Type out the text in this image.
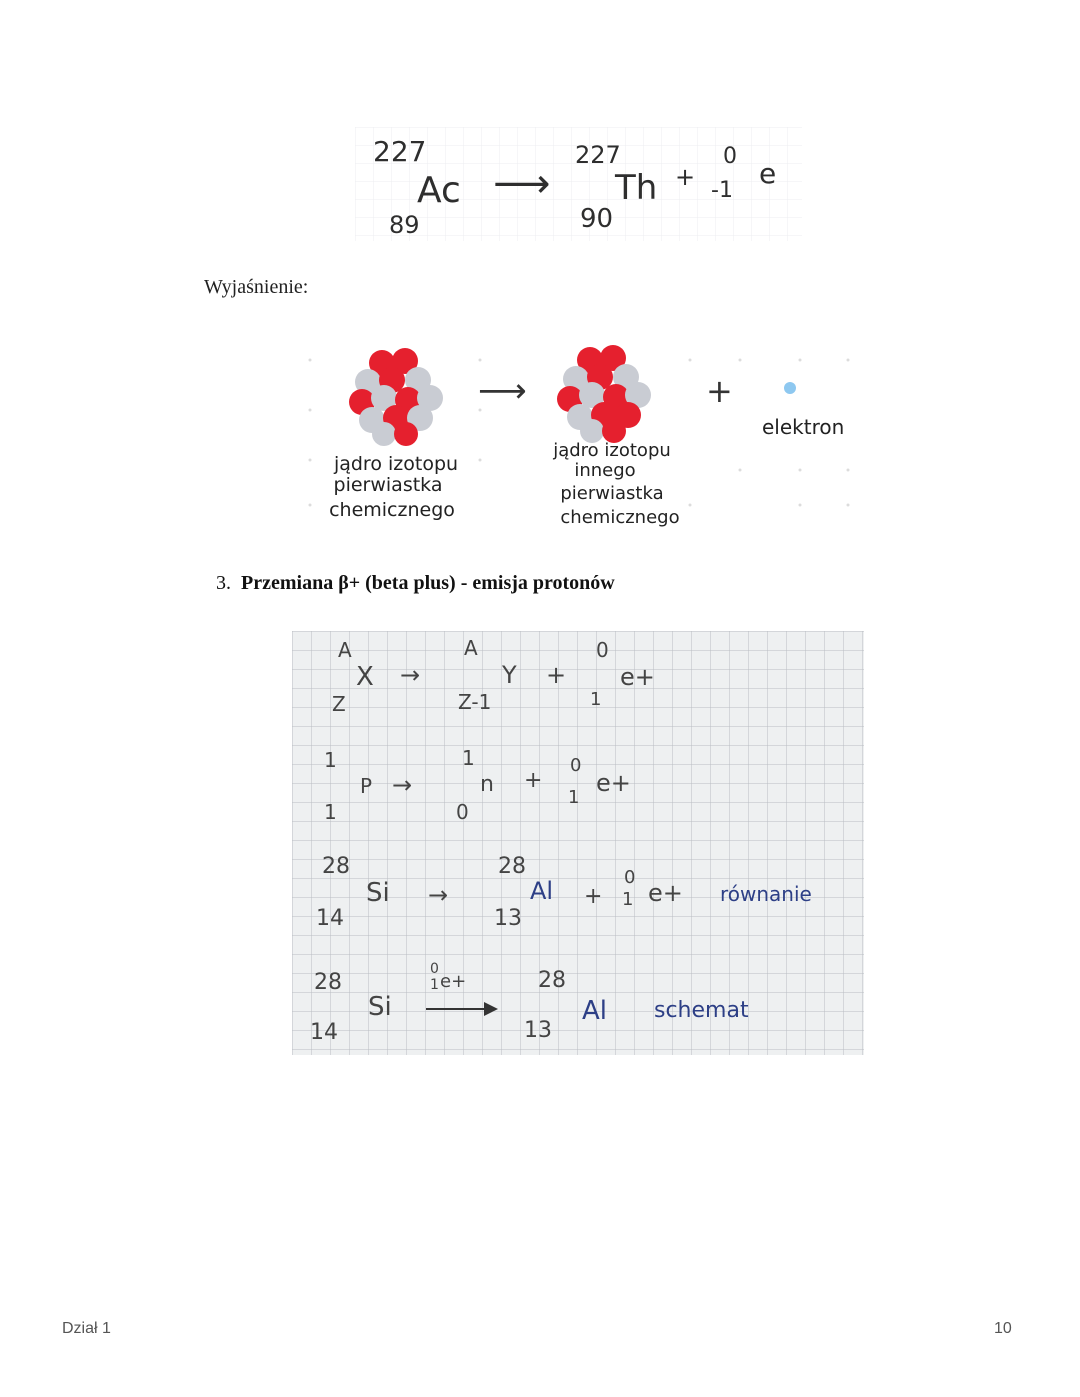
227
Ac
89
⟶
227
Th
90
+
0
-1
e
Wyjaśnienie:
⟶	+
elektron
jądro izotopu
pierwiastka
chemicznego
jądro izotopu
innego
pierwiastka
chemicznego
3. Przemiana β+ (beta plus) - emisja protonów
A
X
Z
→
A
Y
Z-1
+
0
1
e+
1
P
1
→
1
n
0
+
0
1
e+
28
Si
14
→
28
Al
13
+
0
1 e+ równanie
28
Si
14
0
1 e+	28
Al
13
schemat
Dział 1	10
